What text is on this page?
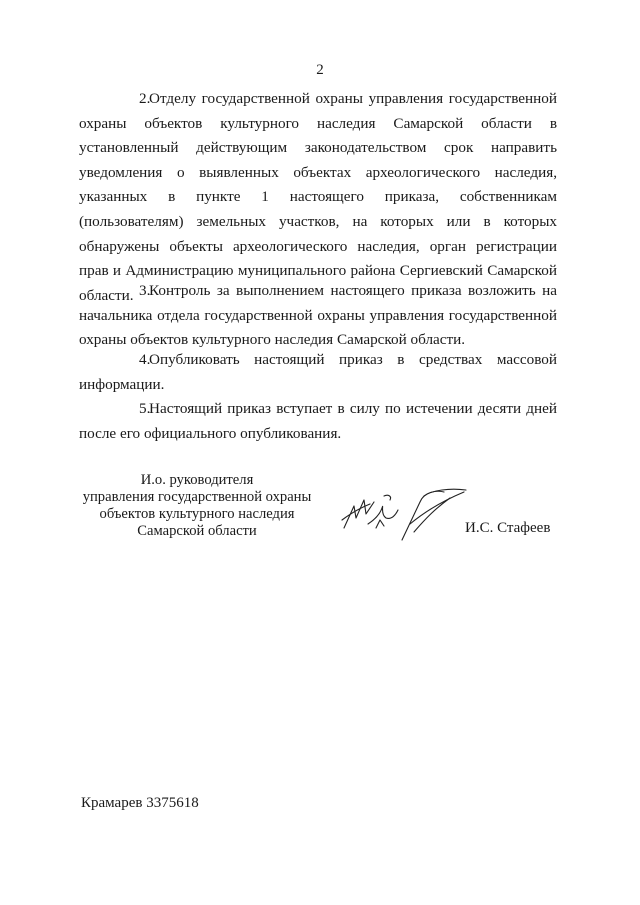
2

2.Отделу государственной охраны управления государственной охраны объектов культурного наследия Самарской области в установленный действующим законодательством срок направить уведомления о выявленных объектах археологического наследия, указанных в пункте 1 настоящего приказа, собственникам (пользователям) земельных участков, на которых или в которых обнаружены объекты археологического наследия, орган регистрации прав и Администрацию муниципального района Сергиевский Самарской области. 3.Контроль за выполнением настоящего приказа возложить на начальника отдела государственной охраны управления государственной охраны объектов культурного наследия Самарской области.

4.Опубликовать настоящий приказ в средствах массовой информации.

5.Настоящий приказ вступает в силу по истечении десяти дней после его официального опубликования.

И.о. руководителя
управления государственной охраны
объектов культурного наследия
Самарской области	И.С. Стафеев
Крамарев 3375618
